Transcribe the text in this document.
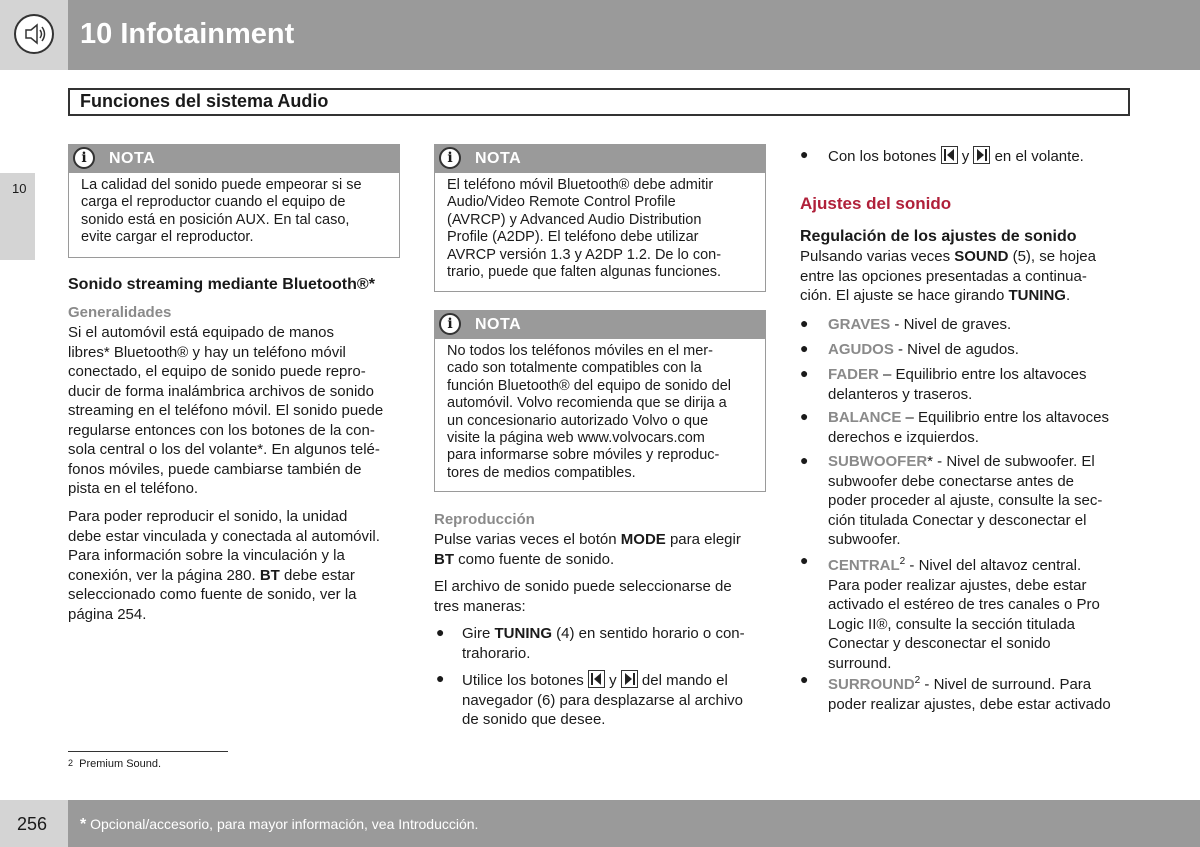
10 Infotainment
Funciones del sistema Audio
10
i	NOTA
La calidad del sonido puede empeorar si se
carga el reproductor cuando el equipo de
sonido está en posición AUX. En tal caso,
evite cargar el reproductor.
Sonido streaming mediante Bluetooth®*
Generalidades
Si el automóvil está equipado de manos
libres* Bluetooth® y hay un teléfono móvil
conectado, el equipo de sonido puede repro-
ducir de forma inalámbrica archivos de sonido
streaming en el teléfono móvil. El sonido puede
regularse entonces con los botones de la con-
sola central o los del volante*. En algunos telé-
fonos móviles, puede cambiarse también de
pista en el teléfono.
Para poder reproducir el sonido, la unidad
debe estar vinculada y conectada al automóvil.
Para información sobre la vinculación y la
conexión, ver la página 280. BT debe estar
seleccionado como fuente de sonido, ver la
página 254.
i	NOTA
El teléfono móvil Bluetooth® debe admitir
Audio/Video Remote Control Profile
(AVRCP) y Advanced Audio Distribution
Profile (A2DP). El teléfono debe utilizar
AVRCP versión 1.3 y A2DP 1.2. De lo con-
trario, puede que falten algunas funciones.
i	NOTA
No todos los teléfonos móviles en el mer-
cado son totalmente compatibles con la
función Bluetooth® del equipo de sonido del
automóvil. Volvo recomienda que se dirija a
un concesionario autorizado Volvo o que
visite la página web www.volvocars.com
para informarse sobre móviles y reproduc-
tores de medios compatibles.
Reproducción
Pulse varias veces el botón MODE para elegir
BT como fuente de sonido.
El archivo de sonido puede seleccionarse de
tres maneras:
● Gire TUNING (4) en sentido horario o con-
trahorario.
● Utilice los botones y del mando el
navegador (6) para desplazarse al archivo
de sonido que desee.
● Con los botones y en el volante.
Ajustes del sonido
Regulación de los ajustes de sonido
Pulsando varias veces SOUND (5), se hojea
entre las opciones presentadas a continua-
ción. El ajuste se hace girando TUNING.
● GRAVES - Nivel de graves.
● AGUDOS - Nivel de agudos.
● FADER – Equilibrio entre los altavoces
delanteros y traseros.
● BALANCE – Equilibrio entre los altavoces
derechos e izquierdos.
● SUBWOOFER* - Nivel de subwoofer. El
subwoofer debe conectarse antes de
poder proceder al ajuste, consulte la sec-
ción titulada Conectar y desconectar el
subwoofer.
● CENTRAL$^2$ - Nivel del altavoz central.
Para poder realizar ajustes, debe estar
activado el estéreo de tres canales o Pro
Logic II®, consulte la sección titulada
Conectar y desconectar el sonido
surround.
● SURROUND$^2$ - Nivel de surround. Para
poder realizar ajustes, debe estar activado
2 Premium Sound.
256 * Opcional/accesorio, para mayor información, vea Introducción.
